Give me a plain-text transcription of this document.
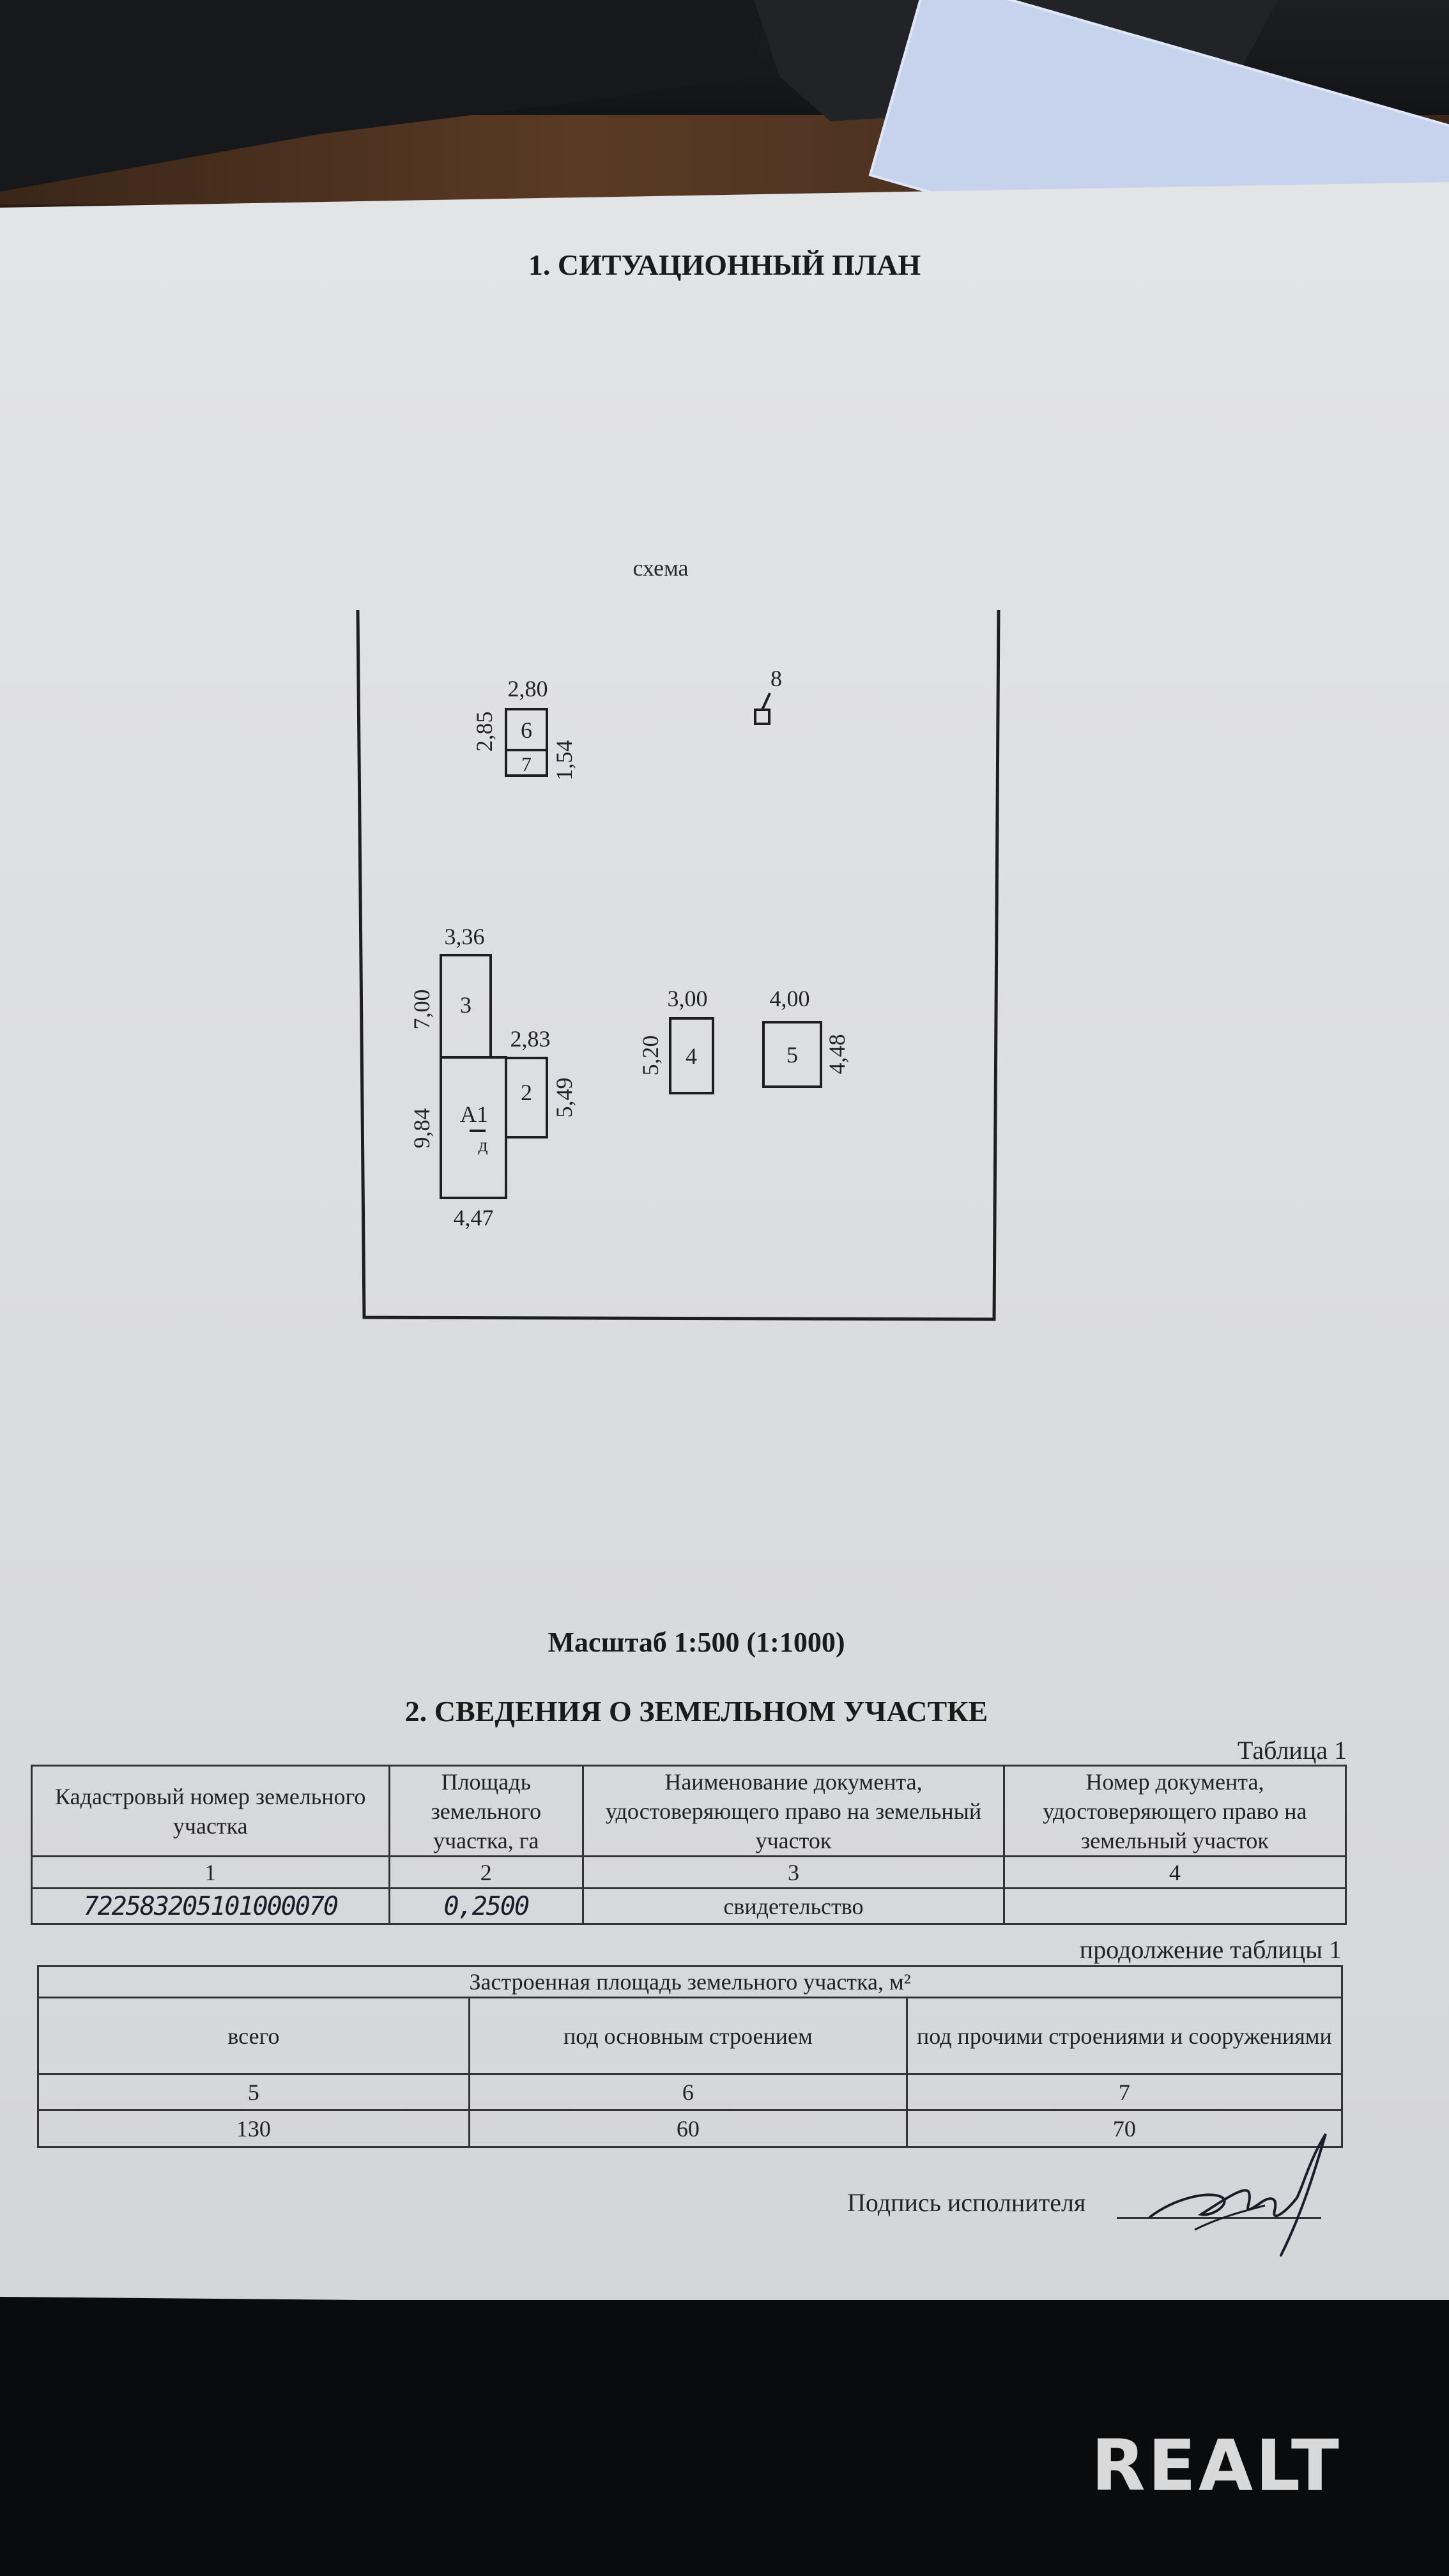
1. СИТУАЦИОННЫЙ ПЛАН
схема
2,80
2,85 6
7 1,54
8
3,36
7,00 3
2,83
5,49
2
А1
д
9,84
4,47
3,00
5,20 4
4,00
4,48
5
Масштаб 1:500 (1:1000)
2. СВЕДЕНИЯ О ЗЕМЕЛЬНОМ УЧАСТКЕ
Таблица 1
Кадастровый номер земельного участка	Площадь земельного участка, га	Наименование документа, удостоверяющего право на земельный участок	Номер документа, удостоверяющего право на земельный участок
1	2	3	4
722583205101000070	0,2500	свидетельство	
продолжение таблицы 1
Застроенная площадь земельного участка, м²		
всего	под основным строением	под прочими строениями и сооружениями
5	6	7
130	60	70
Подпись исполнителя
REALT
